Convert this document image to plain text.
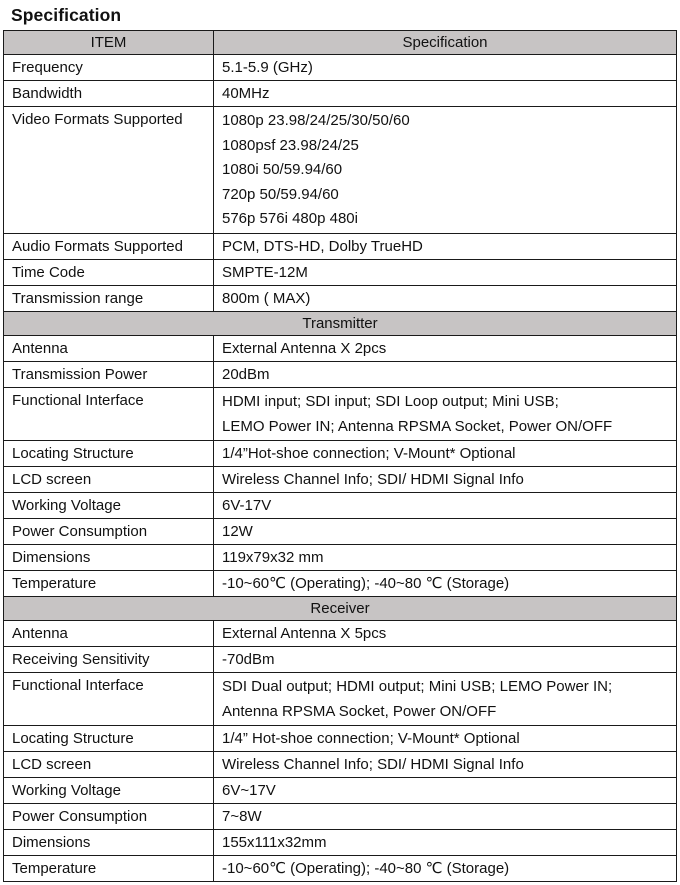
Specification
ITEM	Specification
Frequency	5.1-5.9 (GHz)
Bandwidth	40MHz
Video Formats Supported	1080p 23.98/24/25/30/50/60
1080psf 23.98/24/25
1080i 50/59.94/60
720p 50/59.94/60
576p 576i 480p 480i

Audio Formats Supported	PCM, DTS-HD, Dolby TrueHD
Time Code	SMPTE-12M
Transmission range	800m ( MAX)
Transmitter	
Antenna	External Antenna X 2pcs
Transmission Power	20dBm
Functional Interface	HDMI input; SDI input; SDI Loop output; Mini USB;
LEMO Power IN; Antenna RPSMA Socket, Power ON/OFF

Locating Structure	1/4”Hot-shoe connection; V-Mount* Optional
LCD screen	Wireless Channel Info; SDI/ HDMI Signal Info
Working Voltage	6V-17V
Power Consumption	12W
Dimensions	119x79x32 mm
Temperature	-10~60℃ (Operating); -40~80 ℃ (Storage)
Receiver	
Antenna	External Antenna X 5pcs
Receiving Sensitivity	-70dBm
Functional Interface	SDI Dual output; HDMI output; Mini USB; LEMO Power IN;
Antenna RPSMA Socket, Power ON/OFF

Locating Structure	1/4” Hot-shoe connection; V-Mount* Optional
LCD screen	Wireless Channel Info; SDI/ HDMI Signal Info
Working Voltage	6V~17V
Power Consumption	7~8W
Dimensions	155x111x32mm
Temperature	-10~60℃ (Operating); -40~80 ℃ (Storage)
